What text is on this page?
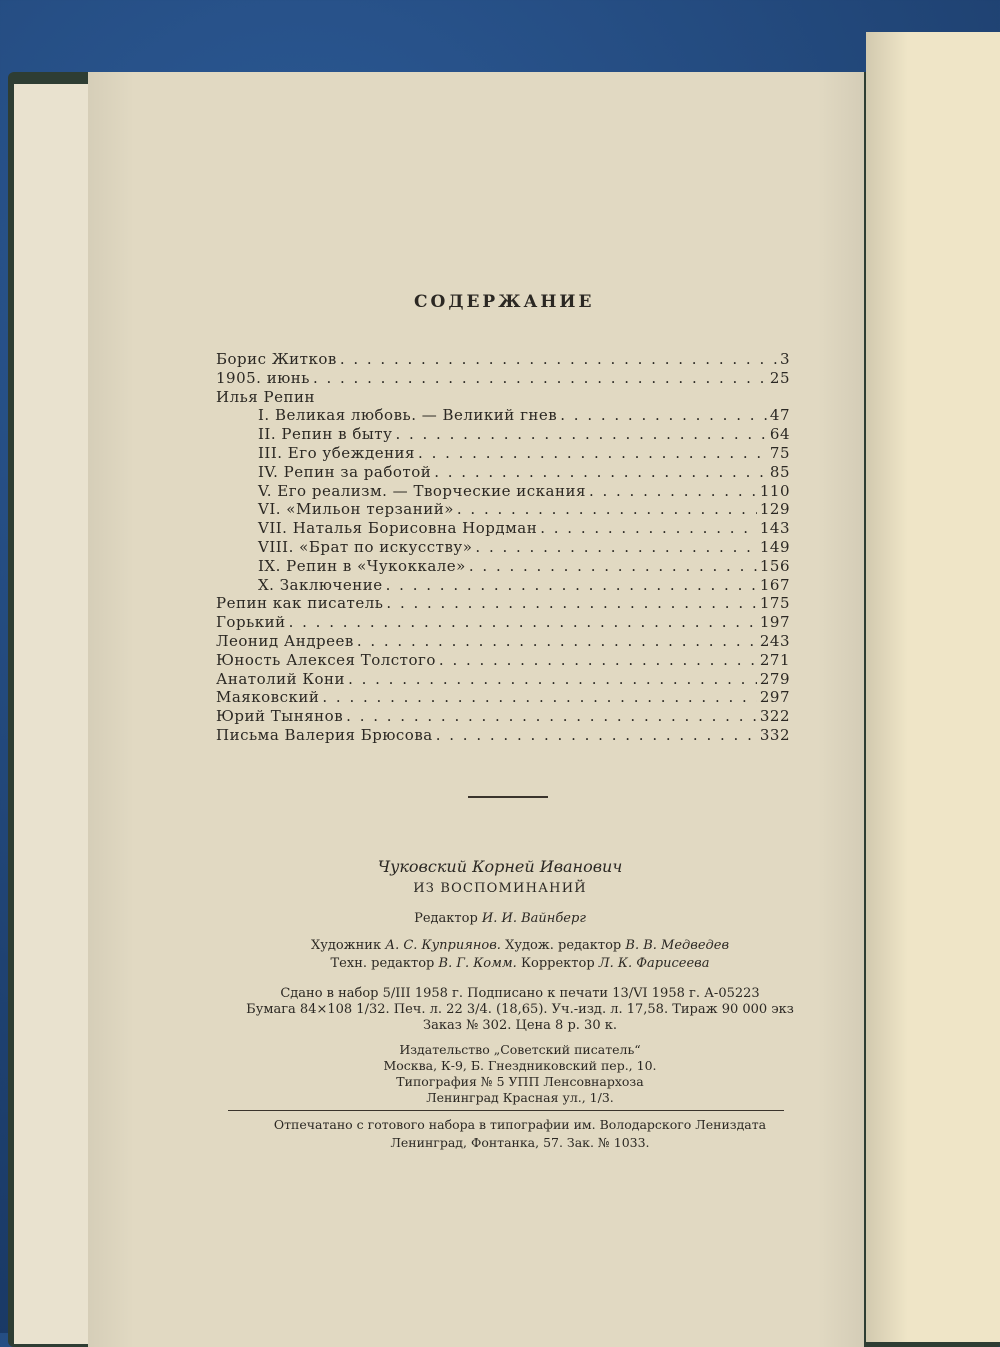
СОДЕРЖАНИЕ
Борис Житков . . .	3
1905. июнь . . .	25
Илья Репин
I. Великая любовь. — Великий гнев . . .	47
II. Репин в быту . . .	64
III. Его убеждения . . .	75
IV. Репин за работой . . .	85
V. Его реализм. — Творческие искания . . .	110
VI. «Мильон терзаний» . . .	129
VII. Наталья Борисовна Нордман . . .	143
VIII. «Брат по искусству» . . .	149
IX. Репин в «Чукоккале» . . .	156
X. Заключение . . .	167
Репин как писатель . . .	175
Горький . . .	197
Леонид Андреев . . .	243
Юность Алексея Толстого . . .	271
Анатолий Кони . . .	279
Маяковский . . .	297
Юрий Тынянов . . .	322
Письма Валерия Брюсова . . .	332
Чуковский Корней Иванович
ИЗ ВОСПОМИНАНИЙ
Редактор И. И. Вайнберг
Художник А. С. Куприянов. Худож. редактор В. В. Медведев
Техн. редактор В. Г. Комм. Корректор Л. К. Фарисеева
Сдано в набор 5/III 1958 г. Подписано к печати 13/VI 1958 г. А-05223
Бумага 84×108 1/32. Печ. л. 22 3/4. (18,65). Уч.-изд. л. 17,58. Тираж 90 000 экз
Заказ № 302. Цена 8 р. 30 к.
Издательство „Советский писатель“
Москва, К-9, Б. Гнездниковский пер., 10.
Типография № 5 УПП Ленсовнархоза
Ленинград Красная ул., 1/3.
Отпечатано с готового набора в типографии им. Володарского Лениздата
Ленинград, Фонтанка, 57. Зак. № 1033.
